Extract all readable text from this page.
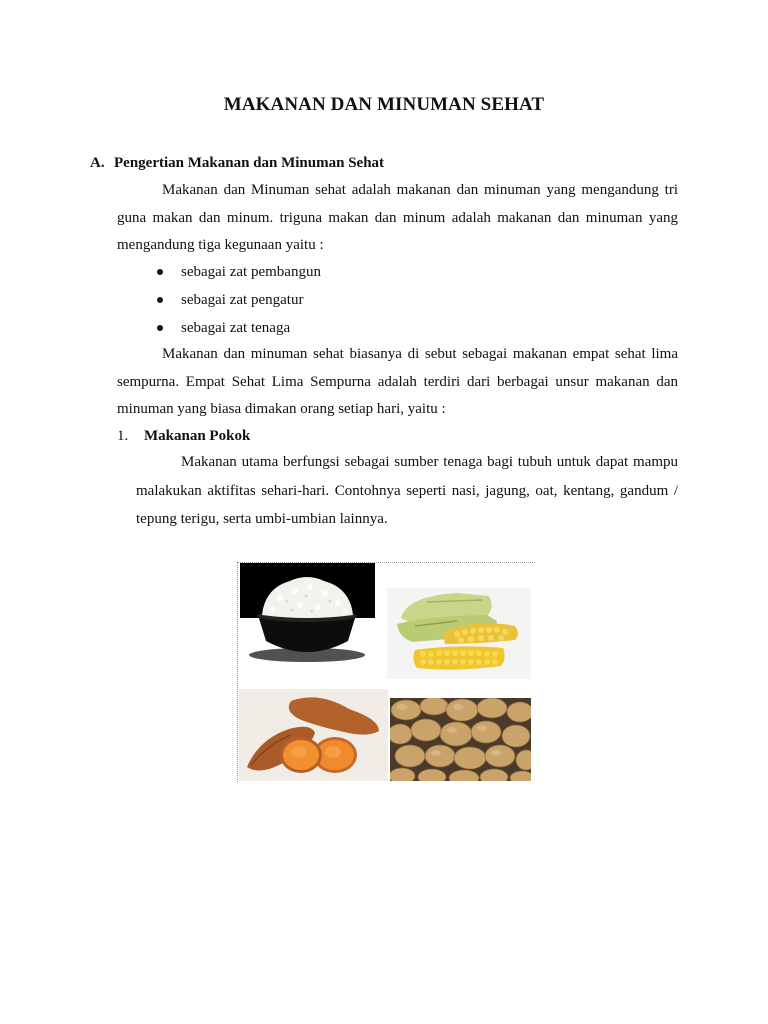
MAKANAN DAN MINUMAN SEHAT
A. Pengertian Makanan dan Minuman Sehat

Makanan dan Minuman sehat adalah makanan dan minuman yang mengandung tri guna makan dan minum. triguna makan dan minum adalah makanan dan minuman yang mengandung tiga kegunaan yaitu :

sebagai zat pembangun
sebagai zat pengatur
sebagai zat tenaga

Makanan dan minuman sehat biasanya di sebut sebagai makanan empat sehat lima sempurna. Empat Sehat Lima Sempurna adalah terdiri dari berbagai unsur makanan dan minuman yang biasa dimakan orang setiap hari, yaitu :

1. Makanan Pokok

Makanan utama berfungsi sebagai sumber tenaga bagi tubuh untuk dapat mampu malakukan aktifitas sehari-hari. Contohnya seperti nasi, jagung, oat, kentang, gandum / tepung terigu, serta umbi-umbian lainnya.
